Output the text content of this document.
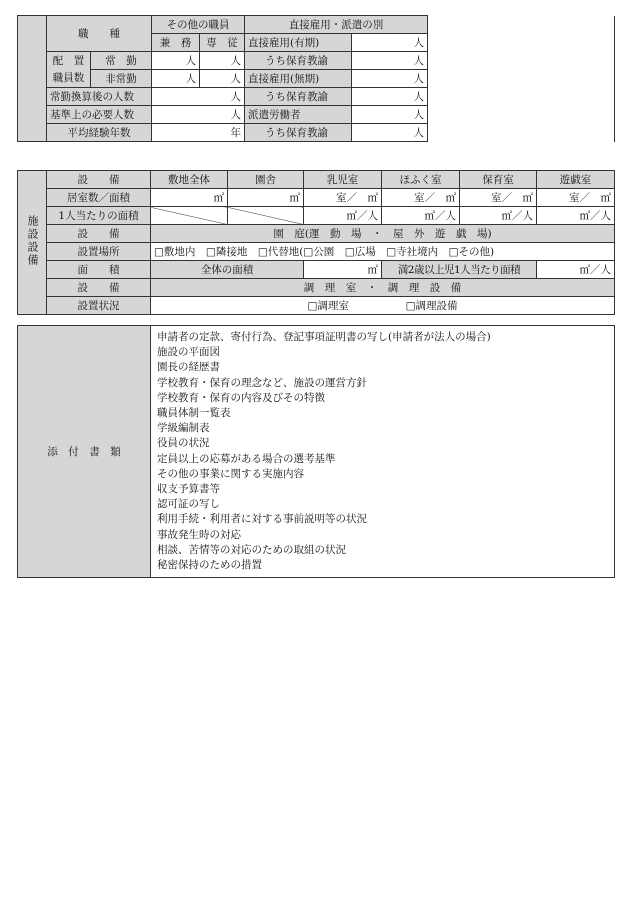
	職　　種		その他の職員		直接雇用・派遣の別		
			兼　務	専　従	直接雇用(有期)	人	
	配　置
職員数	常　勤	人	人	うち保育教諭	人	
		非常勤	人	人	直接雇用(無期)	人	
	常勤換算後の人数		人		うち保育教諭	人	
	基準上の必要人数		人		派遣労働者	人	
	平均経験年数		年		うち保育教諭	人	
施設設備	設　　備	敷地全体	園舎	乳児室	ほふく室	保育室	遊戯室
	居室数／面積	㎡	㎡	室／　㎡	室／　㎡	室／　㎡	室／　㎡
	1人当たりの面積			㎡／人	㎡／人	㎡／人	㎡／人
	設　　備	園　庭(運　動　場　・　屋　外　遊　戯　場)					
	設置場所	□敷地内　□隣接地　□代替地(□公園　□広場　□寺社境内　□その他)					
	面　　積	全体の面積		㎡	満2歳以上児1人当たり面積		㎡／人
	設　　備	調　理　室　・　調　理　設　備					
	設置状況	□調理室 □調理設備					
添　付　書　類	
申請者の定款、寄付行為、登記事項証明書の写し(申請者が法人の場合)
施設の平面図
園長の経歴書
学校教育・保育の理念など、施設の運営方針
学校教育・保育の内容及びその特徴
職員体制一覧表
学級編制表
役員の状況
定員以上の応募がある場合の選考基準
その他の事業に関する実施内容
収支予算書等
認可証の写し
利用手続・利用者に対する事前説明等の状況
事故発生時の対応
相談、苦情等の対応のための取組の状況
秘密保持のための措置
